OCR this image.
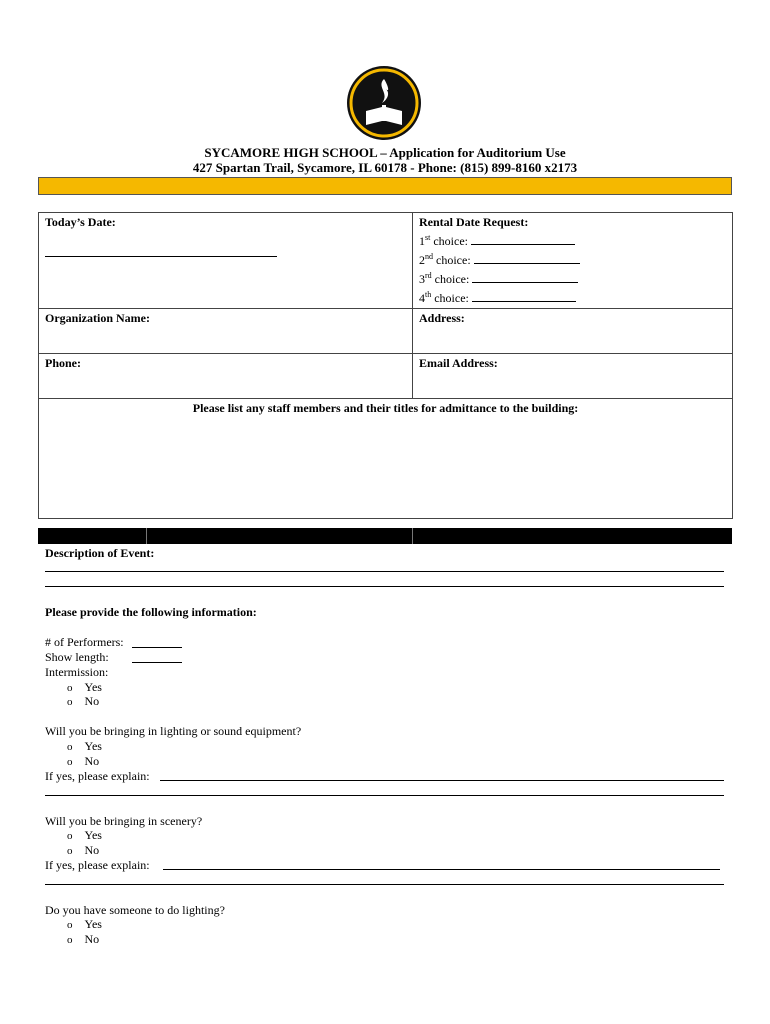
SYCAMORE HIGH SCHOOL – Application for Auditorium Use
427 Spartan Trail, Sycamore, IL 60178 - Phone: (815) 899-8160 x2173
Today’s Date:	Rental Date Request:
1st choice:
2nd choice:
3rd choice:
4th choice:

Organization Name:	Address:

Phone:	Email Address:

Please list any staff members and their titles for admittance to the building:	
Description of Event:
Please provide the following information:
# of Performers:
Show length:
Intermission:
o Yes
o No
Will you be bringing in lighting or sound equipment?
o Yes
o No
If yes, please explain:
Will you be bringing in scenery?
o Yes
o No
If yes, please explain:
Do you have someone to do lighting?
o Yes
o No
